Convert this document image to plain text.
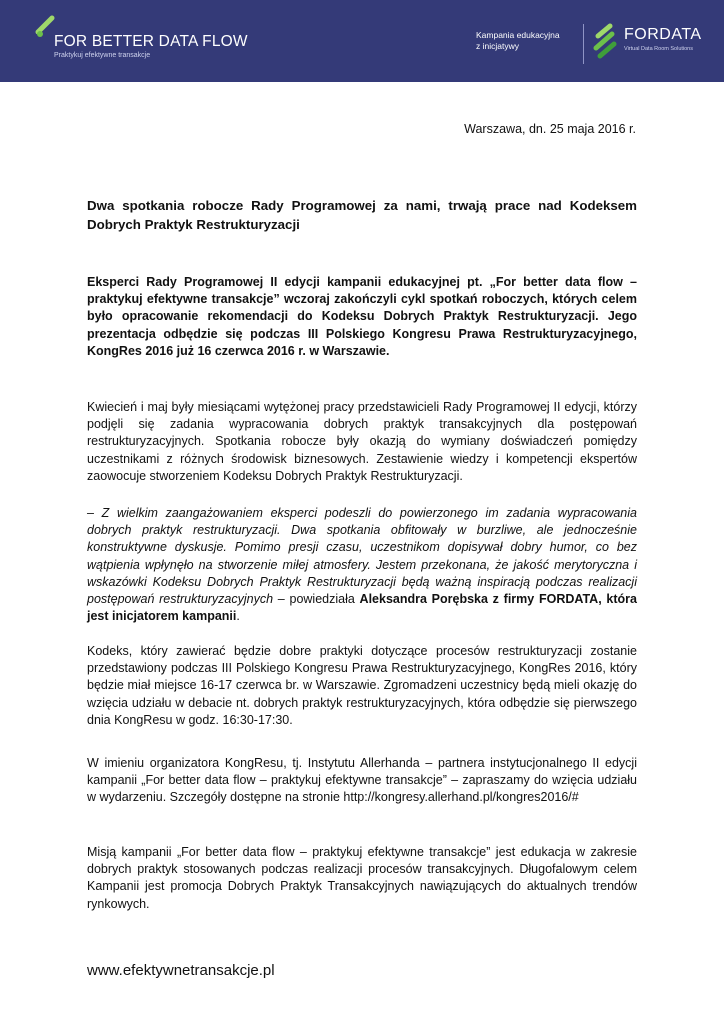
FOR BETTER DATA FLOW
Praktykuj efektywne transakcje
Kampania edukacyjna
z inicjatywy
FORDATA
Virtual Data Room Solutions
Warszawa, dn. 25 maja 2016 r.
Dwa spotkania robocze Rady Programowej za nami, trwają prace nad Kodeksem Dobrych Praktyk Restrukturyzacji
Eksperci Rady Programowej II edycji kampanii edukacyjnej pt. „For better data flow – praktykuj efektywne transakcje” wczoraj zakończyli cykl spotkań roboczych, których celem było opracowanie rekomendacji do Kodeksu Dobrych Praktyk Restrukturyzacji. Jego prezentacja odbędzie się podczas III Polskiego Kongresu Prawa Restrukturyzacyjnego, KongRes 2016 już 16 czerwca 2016 r. w Warszawie.
Kwiecień i maj były miesiącami wytężonej pracy przedstawicieli Rady Programowej II edycji, którzy podjęli się zadania wypracowania dobrych praktyk transakcyjnych dla postępowań restrukturyzacyjnych. Spotkania robocze były okazją do wymiany doświadczeń pomiędzy uczestnikami z różnych środowisk biznesowych. Zestawienie wiedzy i kompetencji ekspertów zaowocuje stworzeniem Kodeksu Dobrych Praktyk Restrukturyzacji.
– Z wielkim zaangażowaniem eksperci podeszli do powierzonego im zadania wypracowania dobrych praktyk restrukturyzacji. Dwa spotkania obfitowały w burzliwe, ale jednocześnie konstruktywne dyskusje. Pomimo presji czasu, uczestnikom dopisywał dobry humor, co bez wątpienia wpłynęło na stworzenie miłej atmosfery. Jestem przekonana, że jakość merytoryczna i wskazówki Kodeksu Dobrych Praktyk Restrukturyzacji będą ważną inspiracją podczas realizacji postępowań restrukturyzacyjnych – powiedziała Aleksandra Porębska z firmy FORDATA, która jest inicjatorem kampanii.
Kodeks, który zawierać będzie dobre praktyki dotyczące procesów restrukturyzacji zostanie przedstawiony podczas III Polskiego Kongresu Prawa Restrukturyzacyjnego, KongRes 2016, który będzie miał miejsce 16-17 czerwca br. w Warszawie. Zgromadzeni uczestnicy będą mieli okazję do wzięcia udziału w debacie nt. dobrych praktyk restrukturyzacyjnych, która odbędzie się pierwszego dnia KongResu w godz. 16:30-17:30.
W imieniu organizatora KongResu, tj. Instytutu Allerhanda – partnera instytucjonalnego II edycji kampanii „For better data flow – praktykuj efektywne transakcje” – zapraszamy do wzięcia udziału w wydarzeniu. Szczegóły dostępne na stronie http://kongresy.allerhand.pl/kongres2016/#
Misją kampanii „For better data flow – praktykuj efektywne transakcje” jest edukacja w zakresie dobrych praktyk stosowanych podczas realizacji procesów transakcyjnych. Długofalowym celem Kampanii jest promocja Dobrych Praktyk Transakcyjnych nawiązujących do aktualnych trendów rynkowych.
www.efektywnetransakcje.pl
